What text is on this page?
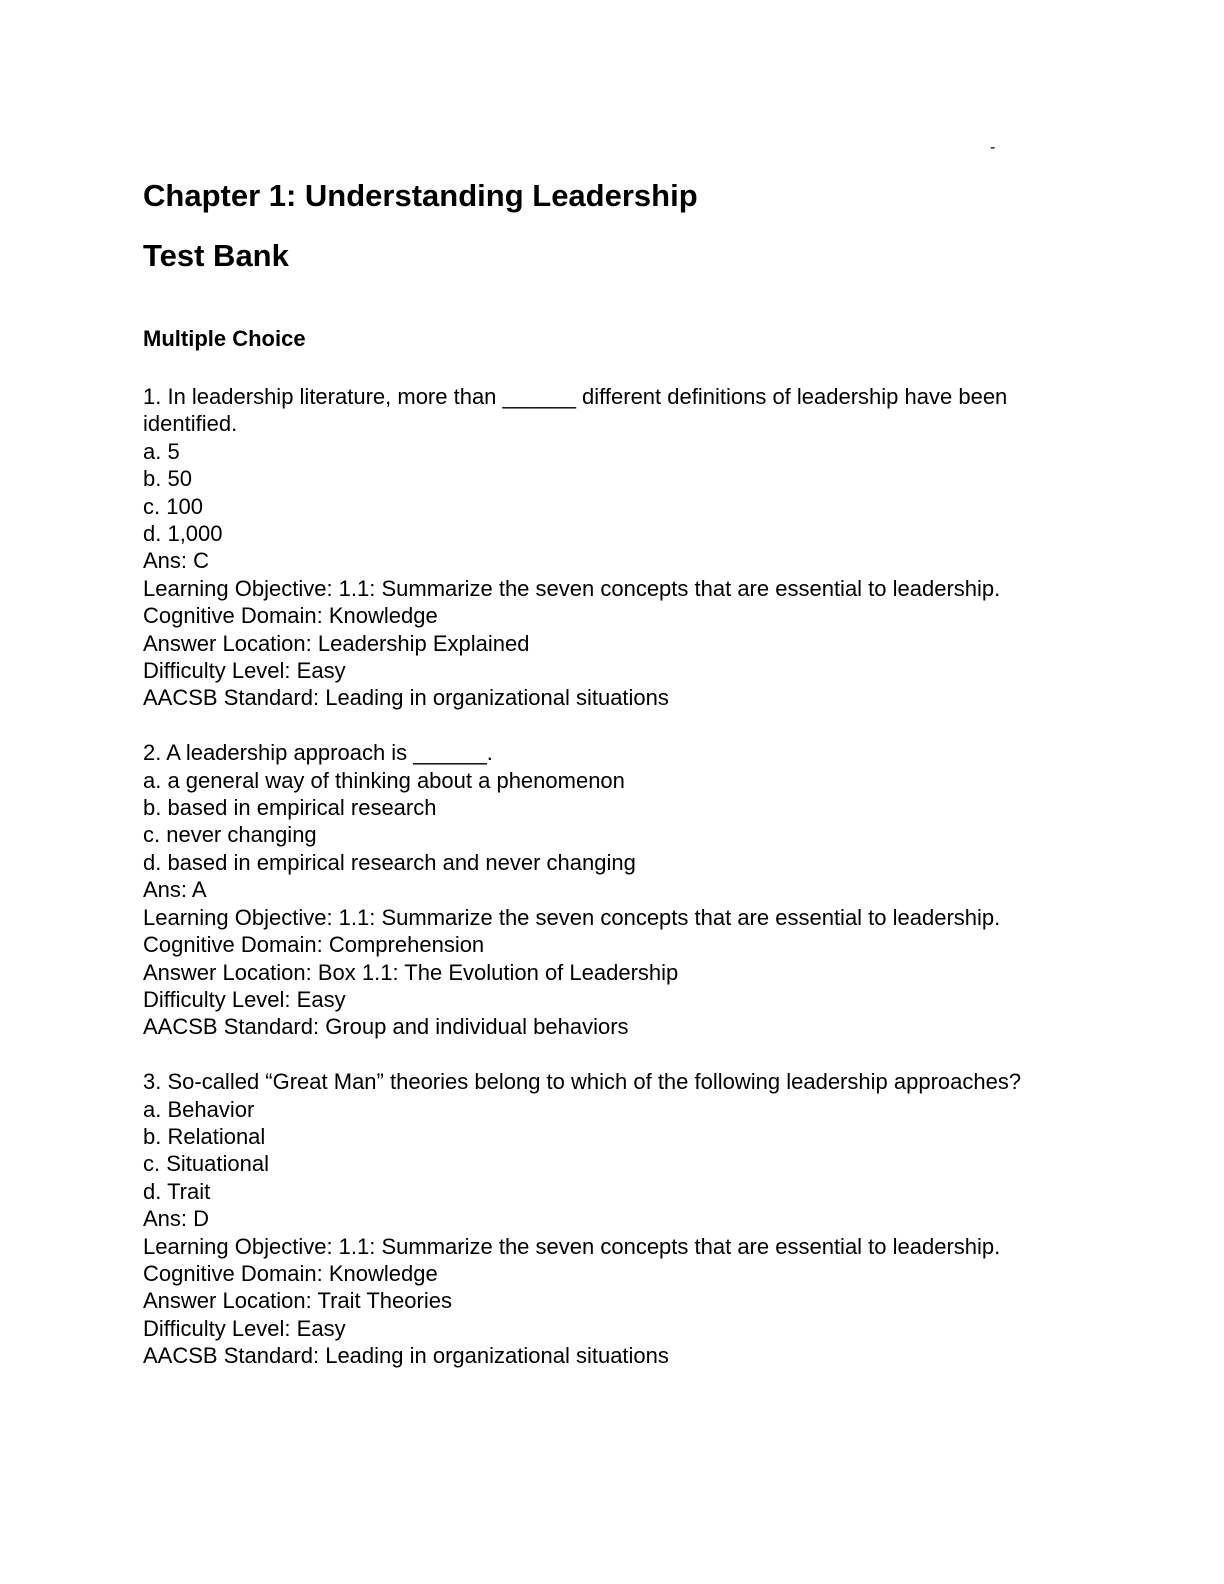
-
Chapter 1: Understanding Leadership
Test Bank
Multiple Choice
1. In leadership literature, more than ______ different definitions of leadership have been identified.
a. 5
b. 50
c. 100
d. 1,000
Ans: C
Learning Objective: 1.1: Summarize the seven concepts that are essential to leadership.
Cognitive Domain: Knowledge
Answer Location: Leadership Explained
Difficulty Level: Easy
AACSB Standard: Leading in organizational situations
2. A leadership approach is ______.
a. a general way of thinking about a phenomenon
b. based in empirical research
c. never changing
d. based in empirical research and never changing
Ans: A
Learning Objective: 1.1: Summarize the seven concepts that are essential to leadership.
Cognitive Domain: Comprehension
Answer Location: Box 1.1: The Evolution of Leadership
Difficulty Level: Easy
AACSB Standard: Group and individual behaviors
3. So-called “Great Man” theories belong to which of the following leadership approaches?
a. Behavior
b. Relational
c. Situational
d. Trait
Ans: D
Learning Objective: 1.1: Summarize the seven concepts that are essential to leadership.
Cognitive Domain: Knowledge
Answer Location: Trait Theories
Difficulty Level: Easy
AACSB Standard: Leading in organizational situations
